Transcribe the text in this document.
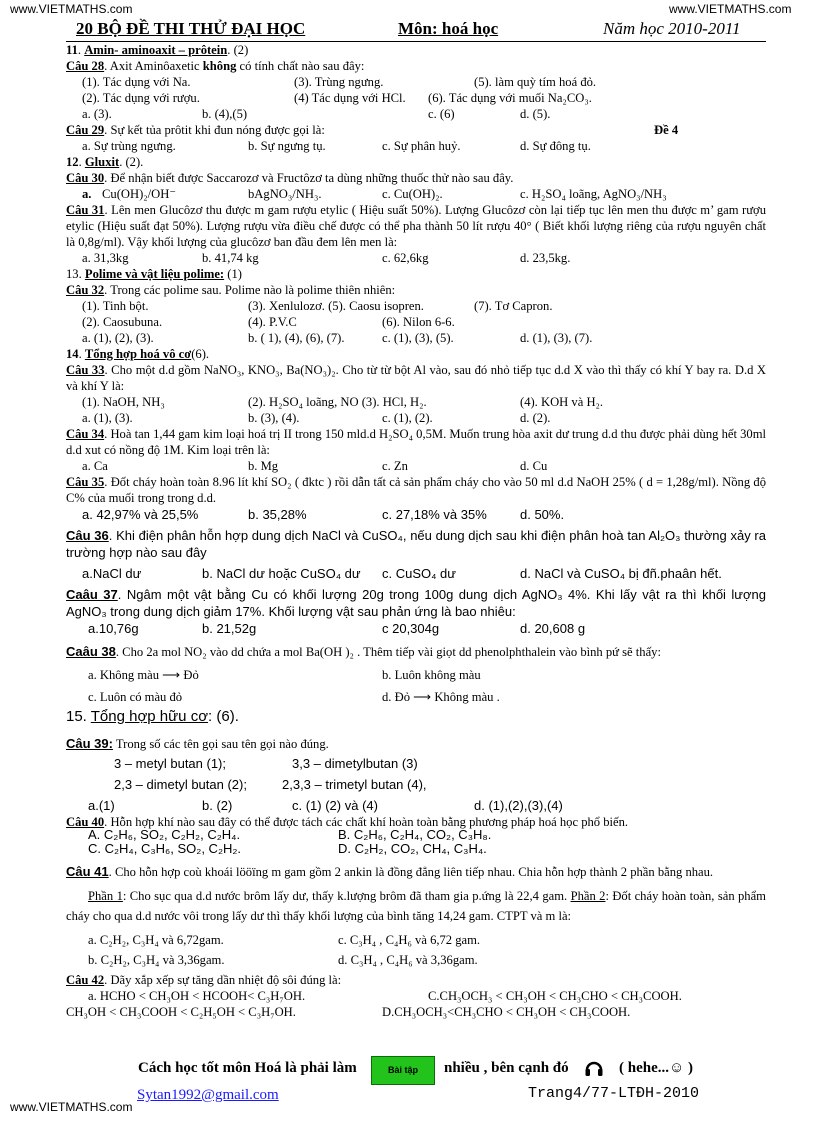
www.VIETMATHS.com	www.VIETMATHS.com
20 BỘ ĐỀ THI THỬ ĐẠI HỌC	Môn: hoá học	Năm học 2010-2011
11. Amin- aminoaxit – prôtein. (2)
Câu 28. Axit Aminôaxetic không có tính chất nào sau đây:
(1). Tác dụng với Na.	(3). Trùng ngưng.	(5). làm quỳ tím hoá đỏ.
(2). Tác dụng với rượu.	(4) Tác dụng với HCl. (6). Tác dụng với muối Na₂CO₃.
a. (3).	b. (4),(5)	c. (6)	d. (5).
Câu 29. Sự kết tủa prôtit khi đun nóng được gọi là:	Đề 4
a. Sự trùng ngưng.	b. Sự ngưng tụ.	c. Sự phân huỷ.	d. Sự đông tụ.
12. Gluxit. (2).
Câu 30. Để nhận biết được Saccarozơ và Fructôzơ ta dùng những thuốc thử nào sau đây.
a. Cu(OH)₂/OH⁻	bAgNO₃/NH₃.	c. Cu(OH)₂.	c. H₂SO₄ loãng, AgNO₃/NH₃
Câu 31. Lên men Glucôzơ thu được m gam rượu etylic ( Hiệu suất 50%). Lượng Glucôzơ còn lại tiếp tục lên men thu được m’ gam rượu etylic (Hiệu suất đạt 50%). Lượng rượu vừa điều chế được có thể pha thành 50 lít rượu 40° ( Biết khối lượng riêng của rượu nguyên chất là 0,8g/ml). Vậy khối lượng của glucôzơ ban đầu đem lên men là:
a. 31,3kg	b. 41,74 kg	c. 62,6kg	d. 23,5kg.
13. Polime và vật liệu polime: (1)
Câu 32. Trong các polime sau. Polime nào là polime thiên nhiên:
(1). Tinh bột.	(3). Xenlulozơ. (5). Caosu isopren.	(7). Tơ Capron.
(2). Caosubuna.	(4). P.V.C	(6). Nilon 6-6.
a. (1), (2), (3).	b. ( 1), (4), (6), (7).	c. (1), (3), (5).	d. (1), (3), (7).
14. Tổng hợp hoá vô cơ(6).
Câu 33. Cho một d.d gồm NaNO₃, KNO₃, Ba(NO₃)₂. Cho từ từ bột Al vào, sau đó nhỏ tiếp tục d.d X vào thì thấy có khí Y bay ra. D.d X và khí Y là:
(1). NaOH, NH₃	(2). H₂SO₄ loãng, NO (3). HCl, H₂.	(4). KOH và H₂.
a. (1), (3).	b. (3), (4).	c. (1), (2).	d. (2).
Câu 34. Hoà tan 1,44 gam kim loại hoá trị II trong 150 mld.d H₂SO₄ 0,5M. Muốn trung hòa axit dư trung d.d thu được phải dùng hết 30ml d.d xut có nồng độ 1M. Kim loại trên là:
a. Ca	b. Mg	c. Zn	d. Cu
Câu 35. Đốt cháy hoàn toàn 8.96 lít khí SO₂ ( đktc ) rồi dẫn tất cả sản phẩm cháy cho vào 50 ml d.d NaOH 25% ( d = 1,28g/ml). Nồng độ C% của muối trong trong d.d.
a. 42,97% và 25,5%	b. 35,28%	c. 27,18% và 35%	d. 50%.
Câu 36. Khi điện phân hỗn hợp dung dịch NaCl và CuSO₄, nếu dung dịch sau khi điện phân hoà tan Al₂O₃ thường xảy ra trường hợp nào sau đây
a.NaCl dư	b. NaCl dư hoặc CuSO₄ dư c. CuSO₄ dư	d. NaCl và CuSO₄ bị đñ.phaân hết.
Caâu 37. Ngâm một vật bằng Cu có khối lượng 20g trong 100g dung dịch AgNO₃ 4%. Khi lấy vật ra thì khối lượng AgNO₃ trong dung dịch giảm 17%. Khối lượng vật sau phản ứng là bao nhiêu:
a.10,76g	b. 21,52g	c 20,304g	d. 20,608 g
Caâu 38. Cho 2a mol NO₂ vào dd chứa a mol Ba(OH )₂ . Thêm tiếp vài giọt dd phenolphthalein vào bình pứ sẽ thấy:
a. Không màu ⟶ Đỏ	b. Luôn không màu
c. Luôn có màu đỏ	d. Đỏ ⟶ Không màu .
15. Tổng hợp hữu cơ: (6).
Câu 39: Trong số các tên gọi sau tên gọi nào đúng.
3 – metyl butan (1);	3,3 – dimetylbutan (3)
2,3 – dimetyl butan (2);	2,3,3 – trimetyl butan (4),
a.(1)	b. (2)	c. (1) (2) và (4)	d. (1),(2),(3),(4)
Câu 40. Hỗn hợp khí nào sau đây có thể được tách các chất khí hoàn toàn bằng phương pháp hoá học phổ biến.
A. C₂H₆, SO₂, C₂H₂, C₂H₄.	B. C₂H₆, C₂H₄, CO₂, C₃H₈.
C. C₂H₄, C₃H₆, SO₂, C₂H₂.	D. C₂H₂, CO₂, CH₄, C₃H₄.
Câu 41. Cho hỗn hợp coù khoái lööïng m gam gồm 2 ankin là đồng đẳng liên tiếp nhau. Chia hỗn hợp thành 2 phần bằng nhau.
Phần 1: Cho sục qua d.d nước brôm lấy dư, thấy k.lượng brôm đã tham gia p.ứng là 22,4 gam. Phần 2: Đốt cháy hoàn toàn, sản phẩm cháy cho qua d.d nước vôi trong lấy dư thì thấy khối lượng của bình tăng 14,24 gam. CTPT và m là:
a. C₂H₂, C₃H₄ và 6,72gam.	c. C₃H₄ , C₄H₆ và 6,72 gam.
b. C₂H₂, C₃H₄ và 3,36gam.	d. C₃H₄ , C₄H₆ và 3,36gam.
Câu 42. Dãy xắp xếp sự tăng dần nhiệt độ sôi đúng là:
a. HCHO < CH₃OH < HCOOH< C₃H₇OH.	C.CH₃OCH₃ < CH₃OH < CH₃CHO < CH₃COOH.
CH₃OH < CH₃COOH < C₂H₅OH < C₃H₇OH.	D.CH₃OCH₃<CH₃CHO < CH₃OH < CH₃COOH.
Cách học tốt môn Hoá là phải làm	Bài tập	nhiều , bên cạnh đó	( hehe...☺ )
Sytan1992@gmail.com	Trang4/77-LTĐH-2010
www.VIETMATHS.com
